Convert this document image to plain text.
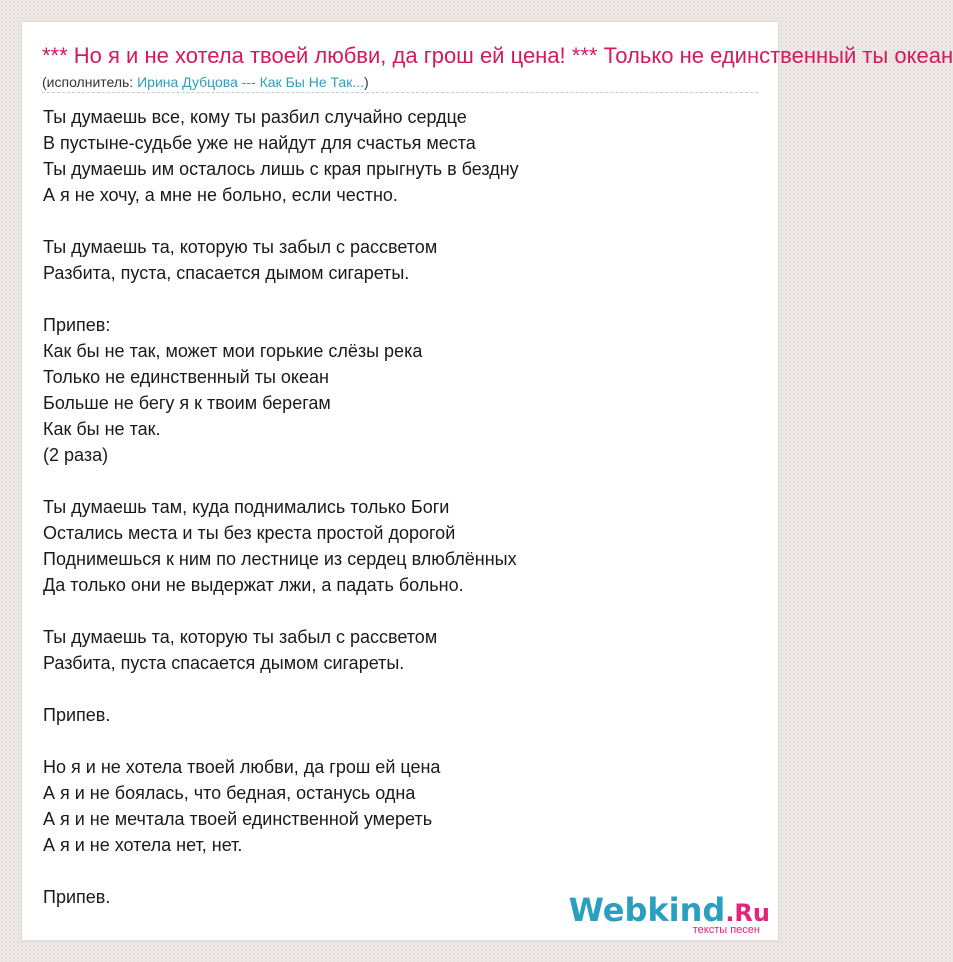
*** Но я и не хотела твоей любви, да грош ей цена! *** Только не единственный ты океан
(исполнитель: Ирина Дубцова --- Как Бы Не Так...)
Ты думаешь все, кому ты разбил случайно сердце
В пустыне-судьбе уже не найдут для счастья места
Ты думаешь им осталось лишь с края прыгнуть в бездну
А я не хочу, а мне не больно, если честно.
Ты думаешь та, которую ты забыл с рассветом
Разбита, пуста, спасается дымом сигареты.
Припев:
Как бы не так, может мои горькие слёзы река
Только не единственный ты океан
Больше не бегу я к твоим берегам
Как бы не так.
(2 раза)
Ты думаешь там, куда поднимались только Боги
Остались места и ты без креста простой дорогой
Поднимешься к ним по лестнице из сердец влюблённых
Да только они не выдержат лжи, а падать больно.
Ты думаешь та, которую ты забыл с рассветом
Разбита, пуста спасается дымом сигареты.
Припев.
Но я и не хотела твоей любви, да грош ей цена
А я и не боялась, что бедная, останусь одна
А я и не мечтала твоей единственной умереть
А я и не хотела нет, нет.
Припев.	Webkind.Ru
тексты песен
